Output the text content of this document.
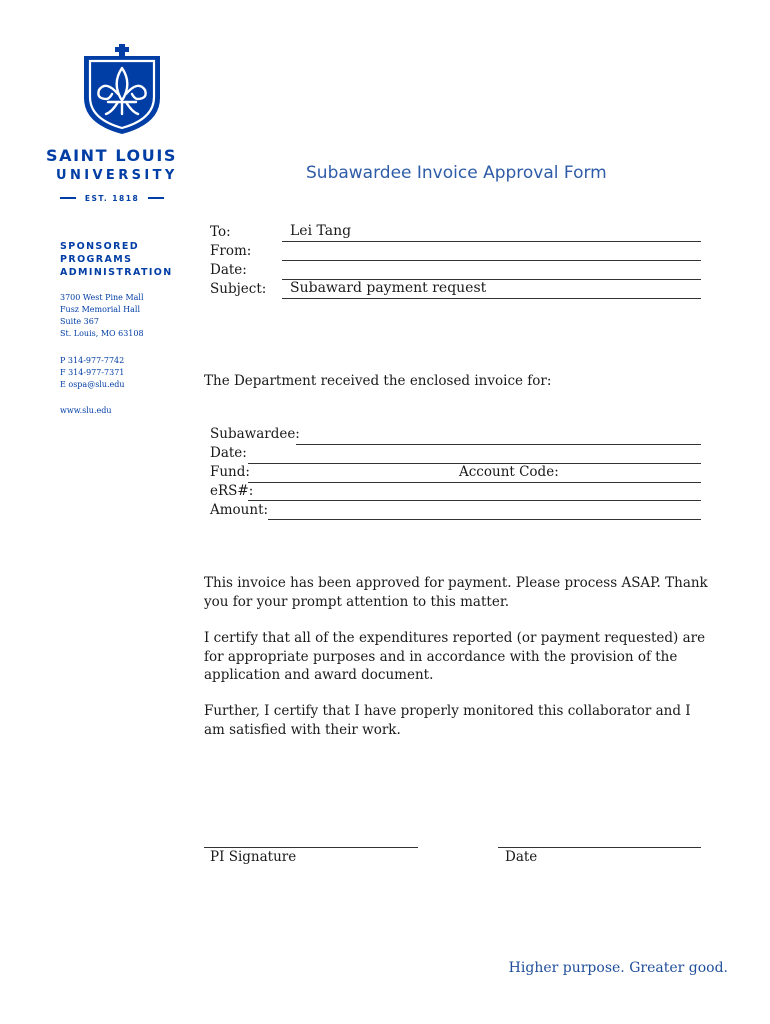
SAINT LOUIS
UNIVERSITY
EST. 1818
SPONSORED
PROGRAMS
ADMINISTRATION
3700 West Pine Mall
Fusz Memorial Hall
Suite 367
St. Louis, MO 63108
P 314-977-7742
F 314-977-7371
E ospa@slu.edu
www.slu.edu
Subawardee Invoice Approval Form
To:	Lei Tang
From:
Date:
Subject: Subaward payment request
The Department received the enclosed invoice for:
Subawardee:
Date:
Fund:	Account Code:
eRS#:
Amount:
This invoice has been approved for payment. Please process ASAP. Thank you for your prompt attention to this matter.
I certify that all of the expenditures reported (or payment requested) are for appropriate purposes and in accordance with the provision of the application and award document.
Further, I certify that I have properly monitored this collaborator and I am satisfied with their work.
PI Signature	Date
Higher purpose. Greater good.
